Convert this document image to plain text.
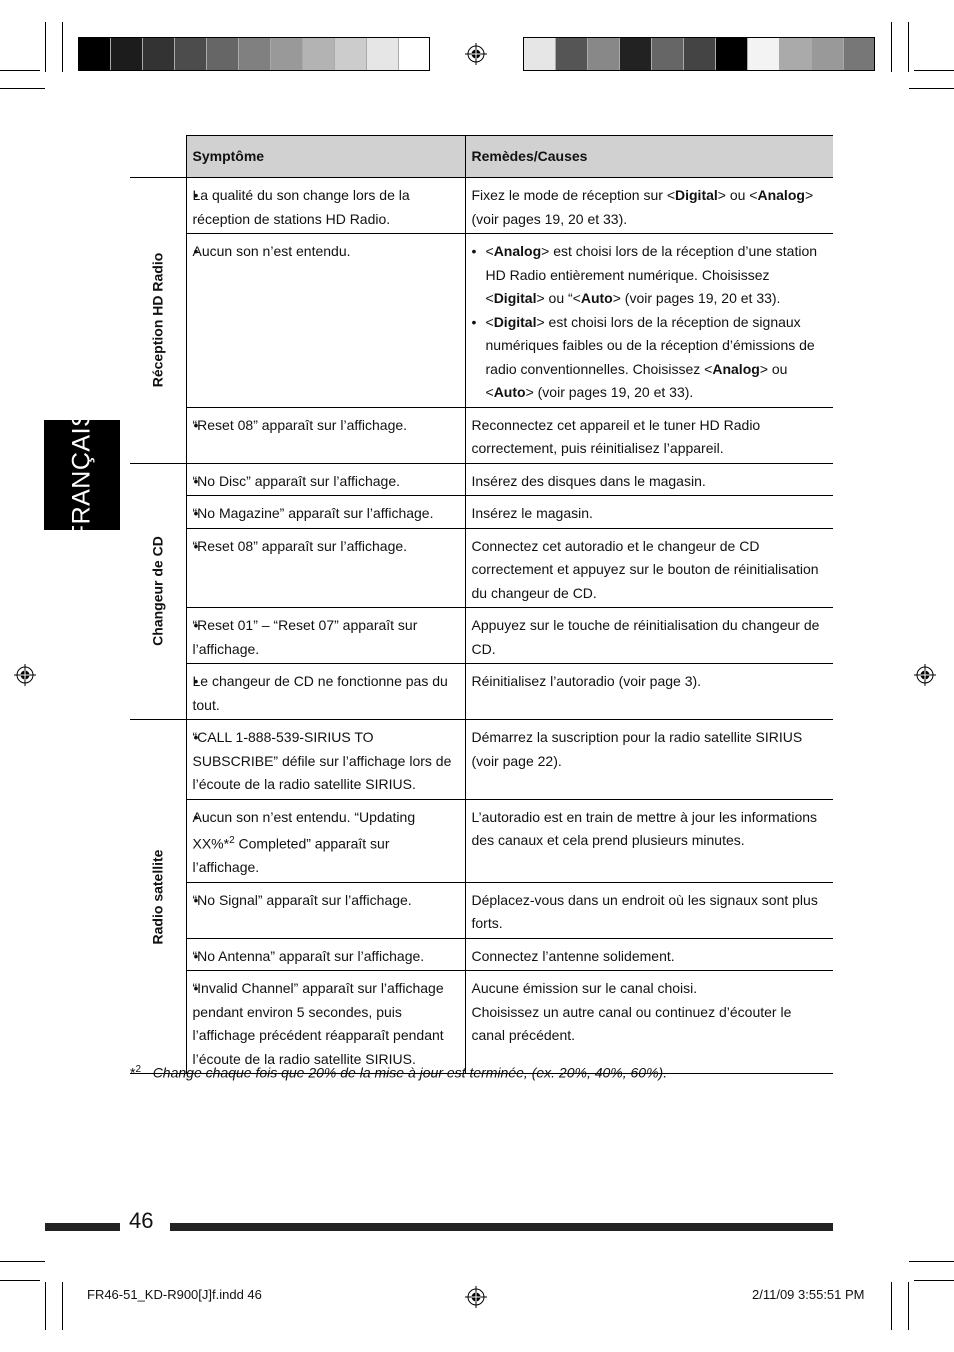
FRANÇAIS
	Symptôme	Remèdes/Causes

Réception HD Radio	• La qualité du son change lors de la réception de stations HD Radio.	Fixez le mode de réception sur <Digital> ou <Analog> (voir pages 19, 20 et 33).
	• Aucun son n’est entendu.	• <Analog> est choisi lors de la réception d’une station HD Radio entièrement numérique. Choisissez <Digital> ou “<Auto> (voir pages 19, 20 et 33).
• <Digital> est choisi lors de la réception de signaux numériques faibles ou de la réception d’émissions de radio conventionnelles. Choisissez <Analog> ou <Auto> (voir pages 19, 20 et 33).

	• “Reset 08” apparaît sur l’affichage.	Reconnectez cet appareil et le tuner HD Radio correctement, puis réinitialisez l’appareil.

Changeur de CD	• “No Disc” apparaît sur l’affichage.	Insérez des disques dans le magasin.
	• “No Magazine” apparaît sur l’affichage.	Insérez le magasin.
	• “Reset 08” apparaît sur l’affichage.	Connectez cet autoradio et le changeur de CD correctement et appuyez sur le bouton de réinitialisation du changeur de CD.
	• “Reset 01” – “Reset 07” apparaît sur l’affichage.	Appuyez sur le touche de réinitialisation du changeur de CD.
	• Le changeur de CD ne fonctionne pas du tout.	Réinitialisez l’autoradio (voir page 3).

Radio satellite	• “CALL 1-888-539-SIRIUS TO SUBSCRIBE” défile sur l’affichage lors de l’écoute de la radio satellite SIRIUS.	Démarrez la suscription pour la radio satellite SIRIUS (voir page 22).
	• Aucun son n’est entendu. “Updating XX%*$^2$ Completed” apparaît sur l’affichage.	L’autoradio est en train de mettre à jour les informations des canaux et cela prend plusieurs minutes.
	• “No Signal” apparaît sur l’affichage.	Déplacez-vous dans un endroit où les signaux sont plus forts.
	• “No Antenna” apparaît sur l’affichage.	Connectez l’antenne solidement.
	• “Invalid Channel” apparaît sur l’affichage pendant environ 5 secondes, puis l’affichage précédent réapparaît pendant l’écoute de la radio satellite SIRIUS.	Aucune émission sur le canal choisi.
Choisissez un autre canal ou continuez d’écouter le canal précédent.
*$^2$ Change chaque fois que 20% de la mise à jour est terminée, (ex. 20%, 40%, 60%).
46
FR46-51_KD-R900[J]f.indd 46	2/11/09 3:55:51 PM
